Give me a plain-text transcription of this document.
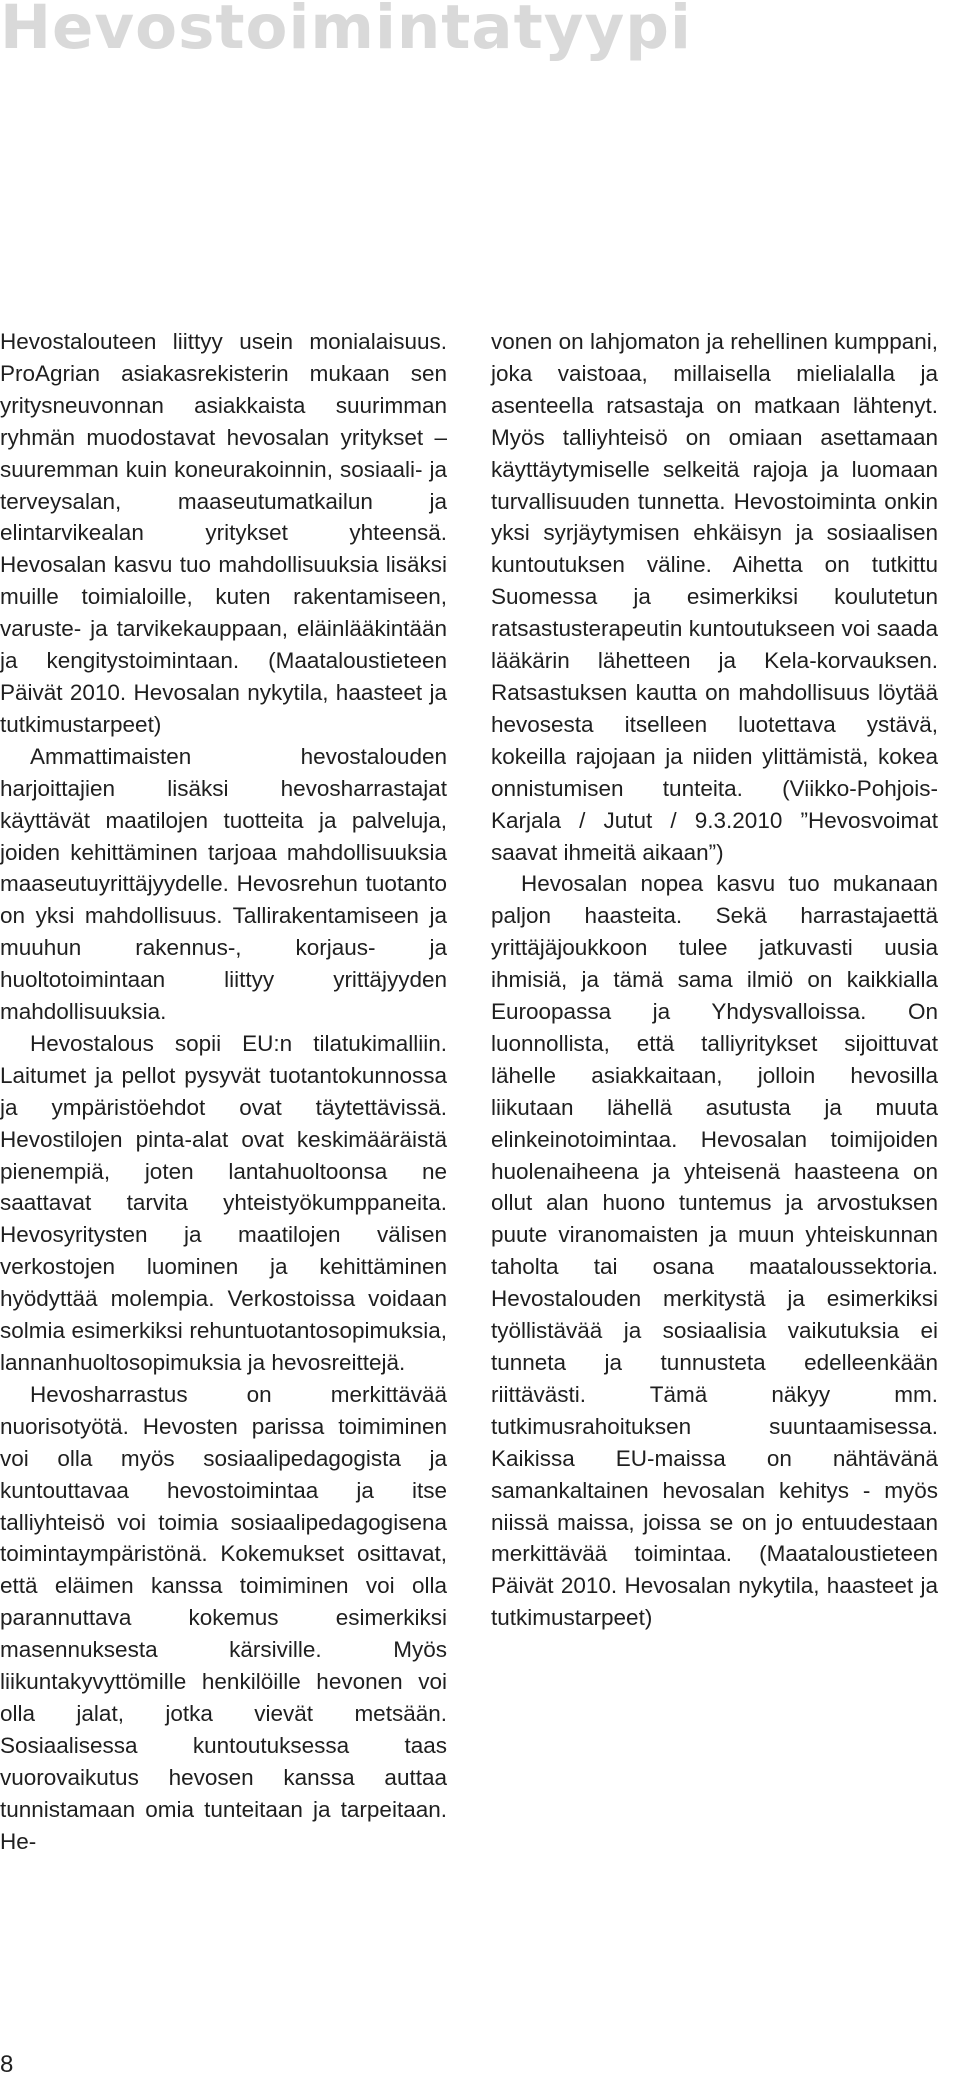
Hevostoimintatyypi

Hevostalouteen liittyy usein monialaisuus. ProAgrian asiakasrekisterin mukaan sen yritysneuvonnan asiakkaista suurimman ryhmän muodostavat hevosalan yritykset – suuremman kuin koneurakoinnin, sosiaali- ja terveysalan, maaseutumatkailun ja elintarvikealan yritykset yhteensä. Hevosalan kasvu tuo mahdollisuuksia lisäksi muille toimialoille, kuten rakentamiseen, varuste- ja tarvikekauppaan, eläinlääkintään ja kengitystoimintaan. (Maataloustieteen Päivät 2010. Hevosalan nykytila, haasteet ja tutkimustarpeet)

Ammattimaisten hevostalouden harjoittajien lisäksi hevosharrastajat käyttävät maatilojen tuotteita ja palveluja, joiden kehittäminen tarjoaa mahdollisuuksia maaseutuyrittäjyydelle. Hevosrehun tuotanto on yksi mahdollisuus. Tallirakentamiseen ja muuhun rakennus-, korjaus- ja huoltotoimintaan liittyy yrittäjyyden mahdollisuuksia.

Hevostalous sopii EU:n tilatukimalliin. Laitumet ja pellot pysyvät tuotantokunnossa ja ympäristöehdot ovat täytettävissä. Hevostilojen pinta-alat ovat keskimääräistä pienempiä, joten lantahuoltoonsa ne saattavat tarvita yhteistyökumppaneita. Hevosyritysten ja maatilojen välisen verkostojen luominen ja kehittäminen hyödyttää molempia. Verkostoissa voidaan solmia esimerkiksi rehuntuotantosopimuksia, lannanhuoltosopimuksia ja hevosreittejä.

Hevosharrastus on merkittävää nuorisotyötä. Hevosten parissa toimiminen voi olla myös sosiaalipedagogista ja kuntouttavaa hevostoimintaa ja itse talliyhteisö voi toimia sosiaalipedagogisena toimintaympäristönä. Kokemukset osittavat, että eläimen kanssa toimiminen voi olla parannuttava kokemus esimerkiksi masennuksesta kärsiville. Myös liikuntakyvyttömille henkilöille hevonen voi olla jalat, jotka vievät metsään. Sosiaalisessa kuntoutuksessa taas vuorovaikutus hevosen kanssa auttaa tunnistamaan omia tunteitaan ja tarpeitaan. He-

vonen on lahjomaton ja rehellinen kumppani, joka vaistoaa, millaisella mielialalla ja asenteella ratsastaja on matkaan lähtenyt. Myös talliyhteisö on omiaan asettamaan käyttäytymiselle selkeitä rajoja ja luomaan turvallisuuden tunnetta. Hevostoiminta onkin yksi syrjäytymisen ehkäisyn ja sosiaalisen kuntoutuksen väline. Aihetta on tutkittu Suomessa ja esimerkiksi koulutetun ratsastusterapeutin kuntoutukseen voi saada lääkärin lähetteen ja Kela-korvauksen. Ratsastuksen kautta on mahdollisuus löytää hevosesta itselleen luotettava ystävä, kokeilla rajojaan ja niiden ylittämistä, kokea onnistumisen tunteita. (Viikko-Pohjois-Karjala / Jutut / 9.3.2010 ”Hevosvoimat saavat ihmeitä aikaan”)

Hevosalan nopea kasvu tuo mukanaan paljon haasteita. Sekä harrastajaettä yrittäjäjoukkoon tulee jatkuvasti uusia ihmisiä, ja tämä sama ilmiö on kaikkialla Euroopassa ja Yhdysvalloissa. On luonnollista, että talliyritykset sijoittuvat lähelle asiakkaitaan, jolloin hevosilla liikutaan lähellä asutusta ja muuta elinkeinotoimintaa. Hevosalan toimijoiden huolenaiheena ja yhteisenä haasteena on ollut alan huono tuntemus ja arvostuksen puute viranomaisten ja muun yhteiskunnan taholta tai osana maataloussektoria. Hevostalouden merkitystä ja esimerkiksi työllistävää ja sosiaalisia vaikutuksia ei tunneta ja tunnusteta edelleenkään riittävästi. Tämä näkyy mm. tutkimusrahoituksen suuntaamisessa. Kaikissa EU-maissa on nähtävänä samankaltainen hevosalan kehitys - myös niissä maissa, joissa se on jo entuudestaan merkittävää toimintaa. (Maataloustieteen Päivät 2010. Hevosalan nykytila, haasteet ja tutkimustarpeet)

8
